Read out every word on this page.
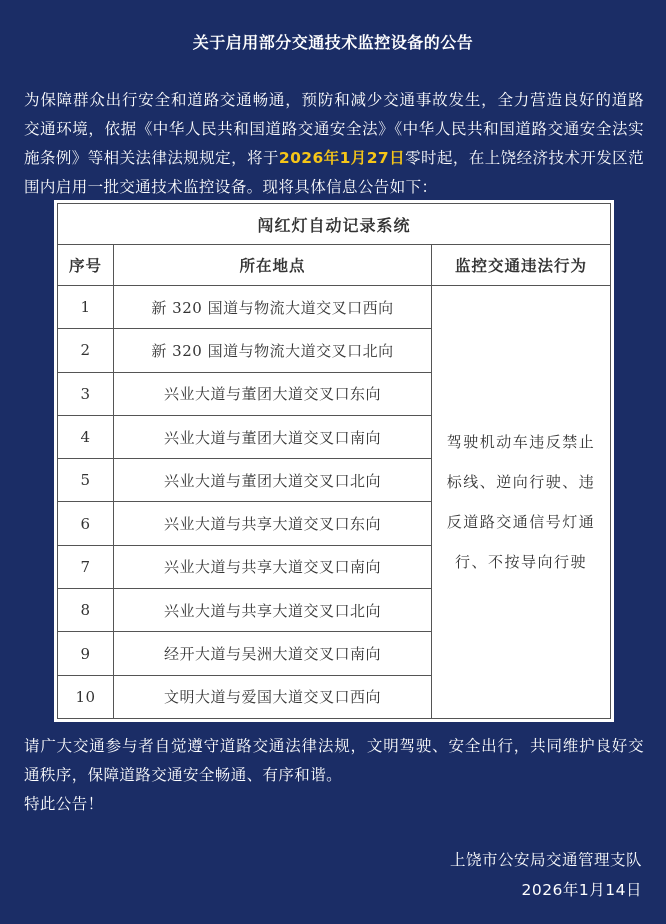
关于启用部分交通技术监控设备的公告
为保障群众出行安全和道路交通畅通，预防和减少交通事故发生，全力营造良好的道路交通环境，依据《中华人民共和国道路交通安全法》《中华人民共和国道路交通安全法实施条例》等相关法律法规规定，将于2026年1月27日零时起，在上饶经济技术开发区范围内启用一批交通技术监控设备。现将具体信息公告如下：
闯红灯自动记录系统		
序号	所在地点	监控交通违法行为
1	新 320 国道与物流大道交叉口西向	驾驶机动车违反禁止标线、逆向行驶、违反道路交通信号灯通行、不按导向行驶
2	新 320 国道与物流大道交叉口北向	
3	兴业大道与董团大道交叉口东向	
4	兴业大道与董团大道交叉口南向	
5	兴业大道与董团大道交叉口北向	
6	兴业大道与共享大道交叉口东向	
7	兴业大道与共享大道交叉口南向	
8	兴业大道与共享大道交叉口北向	
9	经开大道与吴洲大道交叉口南向	
10	文明大道与爱国大道交叉口西向	

请广大交通参与者自觉遵守道路交通法律法规，文明驾驶、安全出行，共同维护良好交通秩序，保障道路交通安全畅通、有序和谐。

特此公告！

上饶市公安局交通管理支队
2026年1月14日
